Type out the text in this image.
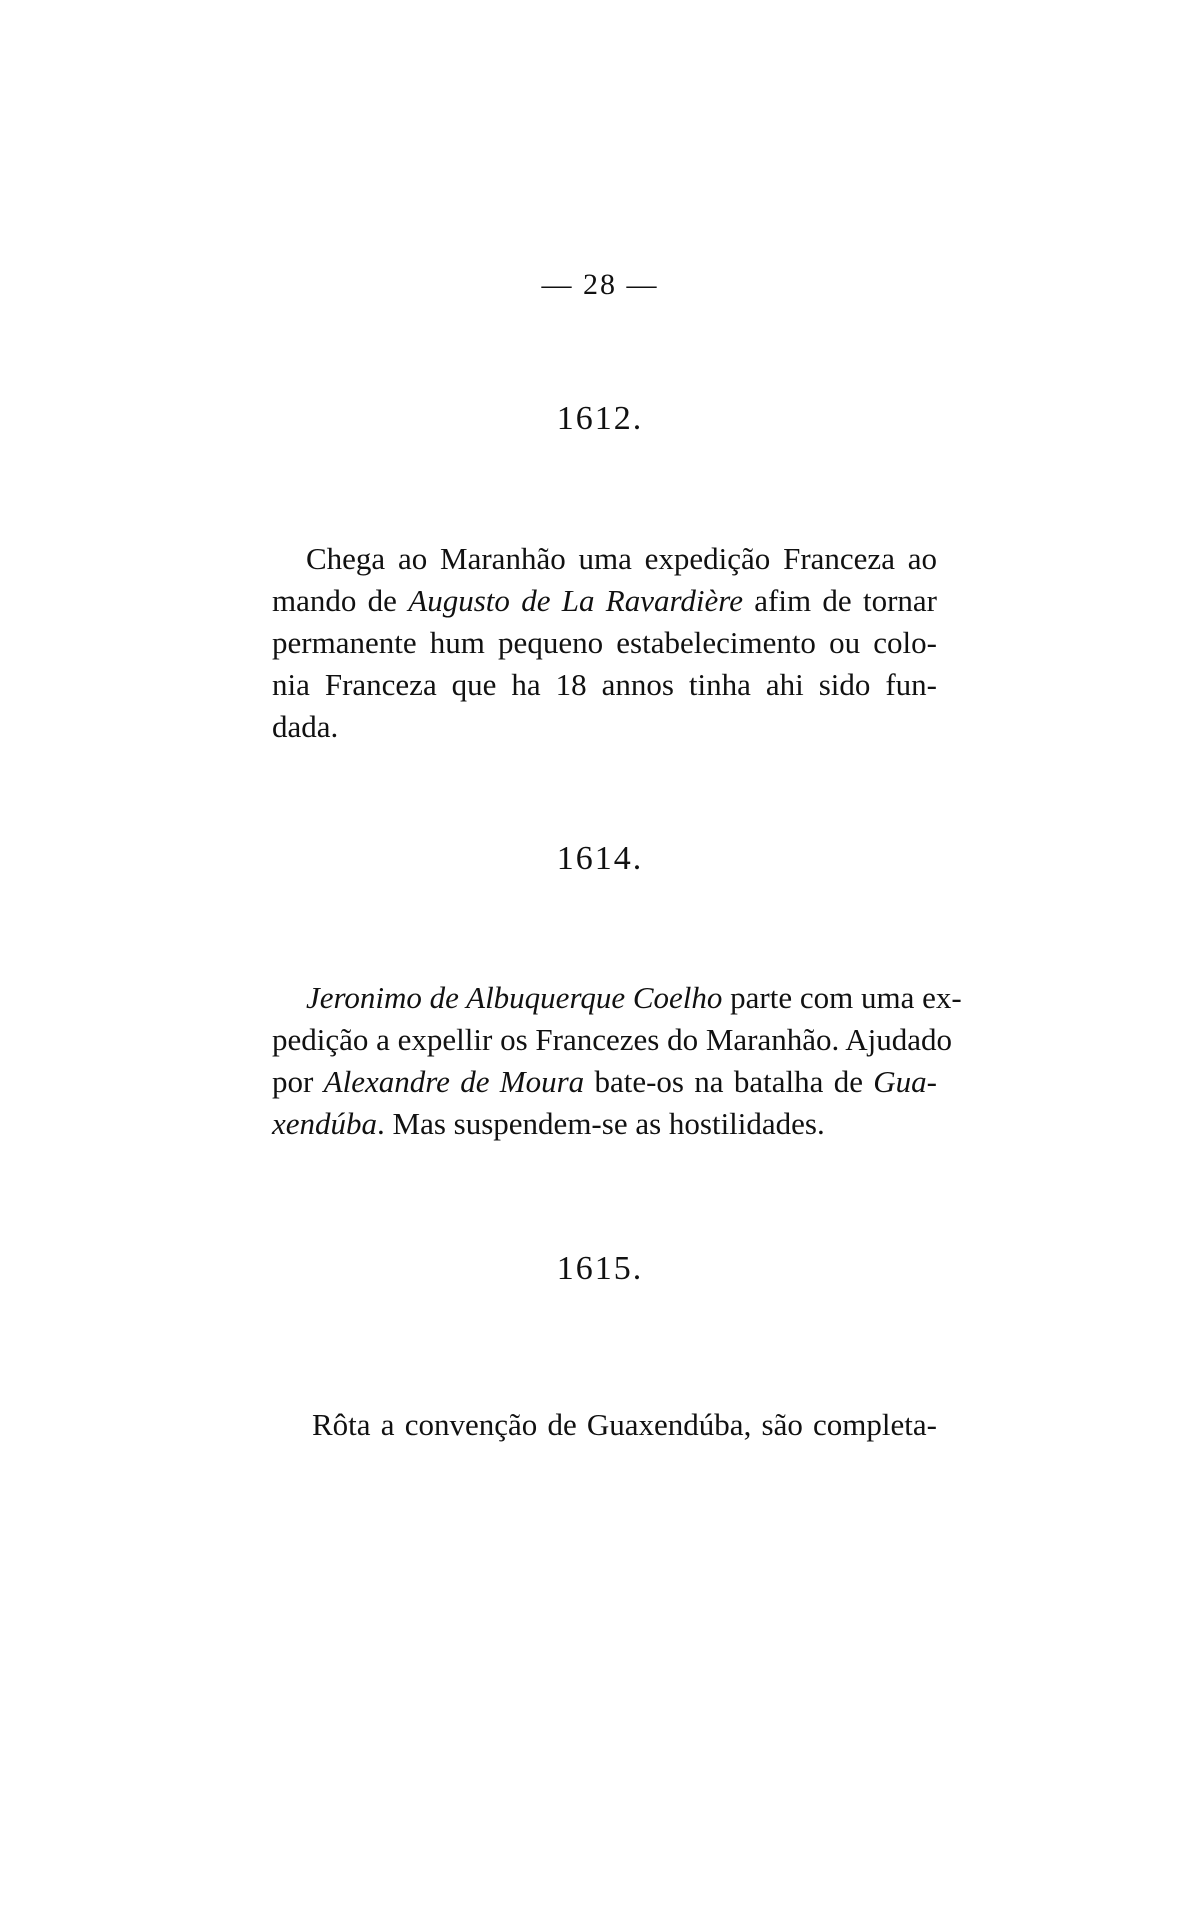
— 28 —
1612.
Chega ao Maranhão uma expedição Franceza ao
mando de Augusto de La Ravardière afim de tornar
permanente hum pequeno estabelecimento ou colo-
nia Franceza que ha 18 annos tinha ahi sido fun-
dada.
1614.
Jeronimo de Albuquerque Coelho parte com uma ex-
pedição a expellir os Francezes do Maranhão. Ajudado
por Alexandre de Moura bate-os na batalha de Gua-
xendúba. Mas suspendem-se as hostilidades.
1615.
Rôta a convenção de Guaxendúba, são completa-
